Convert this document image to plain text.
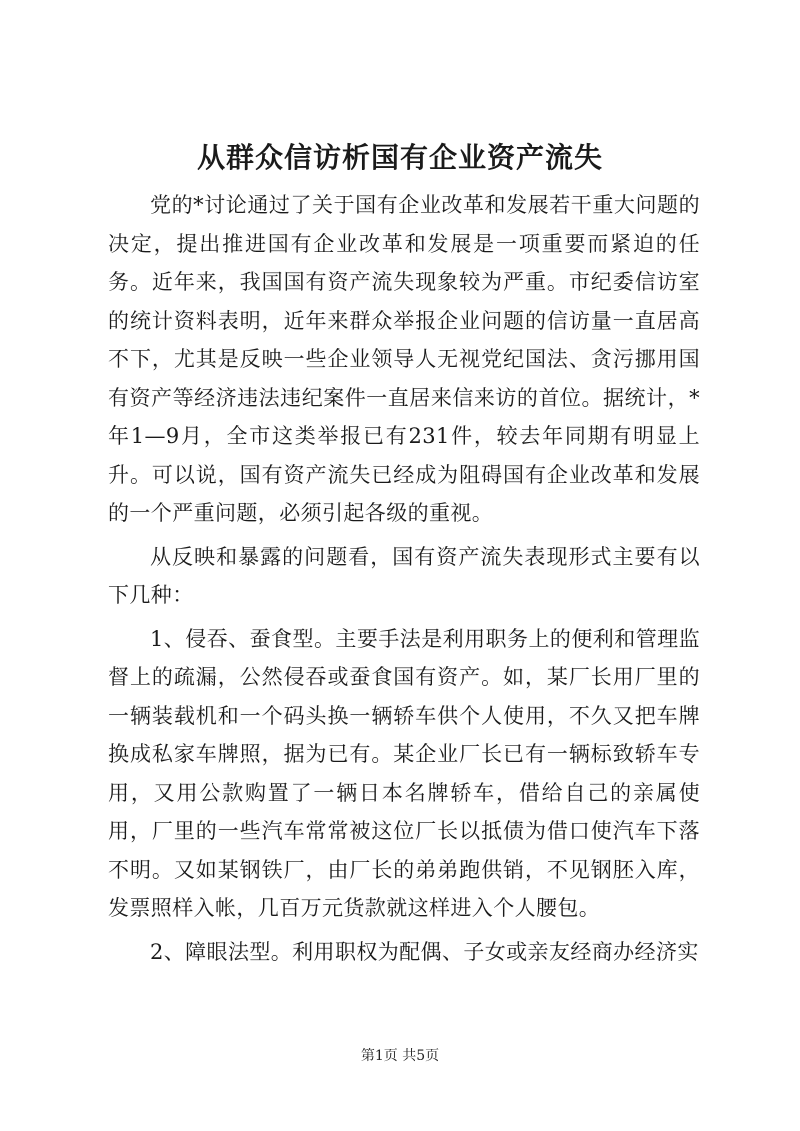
从群众信访析国有企业资产流失

党的*讨论通过了关于国有企业改革和发展若干重大问题的决定，提出推进国有企业改革和发展是一项重要而紧迫的任务。近年来，我国国有资产流失现象较为严重。市纪委信访室的统计资料表明，近年来群众举报企业问题的信访量一直居高不下，尤其是反映一些企业领导人无视党纪国法、贪污挪用国有资产等经济违法违纪案件一直居来信来访的首位。据统计，*年1—9月，全市这类举报已有231件，较去年同期有明显上升。可以说，国有资产流失已经成为阻碍国有企业改革和发展的一个严重问题，必须引起各级的重视。

从反映和暴露的问题看，国有资产流失表现形式主要有以下几种：

1、侵吞、蚕食型。主要手法是利用职务上的便利和管理监督上的疏漏，公然侵吞或蚕食国有资产。如，某厂长用厂里的一辆装载机和一个码头换一辆轿车供个人使用，不久又把车牌换成私家车牌照，据为已有。某企业厂长已有一辆标致轿车专用，又用公款购置了一辆日本名牌轿车，借给自己的亲属使用，厂里的一些汽车常常被这位厂长以抵债为借口使汽车下落不明。又如某钢铁厂，由厂长的弟弟跑供销，不见钢胚入库，发票照样入帐，几百万元货款就这样进入个人腰包。

2、障眼法型。利用职权为配偶、子女或亲友经商办经济实

第1页 共5页
